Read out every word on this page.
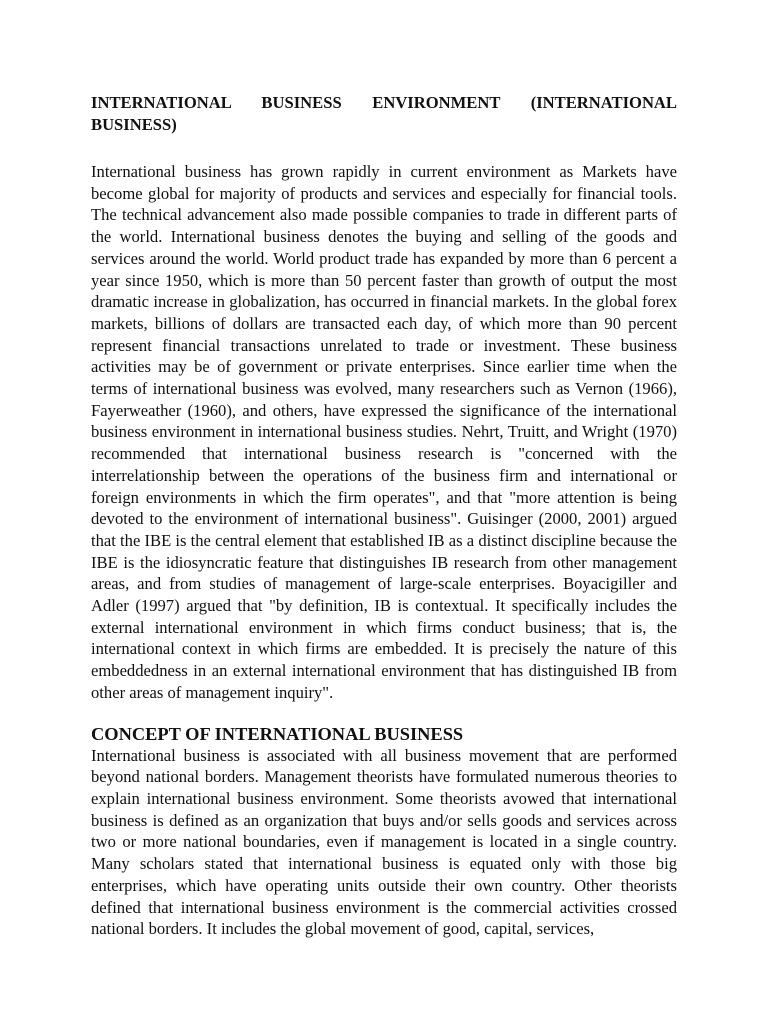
INTERNATIONAL BUSINESS ENVIRONMENT (INTERNATIONAL BUSINESS)

International business has grown rapidly in current environment as Markets have become global for majority of products and services and especially for financial tools. The technical advancement also made possible companies to trade in different parts of the world. International business denotes the buying and selling of the goods and services around the world. World product trade has expanded by more than 6 percent a year since 1950, which is more than 50 percent faster than growth of output the most dramatic increase in globalization, has occurred in financial markets. In the global forex markets, billions of dollars are transacted each day, of which more than 90 percent represent financial transactions unrelated to trade or investment. These business activities may be of government or private enterprises. Since earlier time when the terms of international business was evolved, many researchers such as Vernon (1966), Fayerweather (1960), and others, have expressed the significance of the international business environment in international business studies. Nehrt, Truitt, and Wright (1970) recommended that international business research is "concerned with the interrelationship between the operations of the business firm and international or foreign environments in which the firm operates", and that "more attention is being devoted to the environment of international business". Guisinger (2000, 2001) argued that the IBE is the central element that established IB as a distinct discipline because the IBE is the idiosyncratic feature that distinguishes IB research from other management areas, and from studies of management of large-scale enterprises. Boyacigiller and Adler (1997) argued that "by definition, IB is contextual. It specifically includes the external international environment in which firms conduct business; that is, the international context in which firms are embedded. It is precisely the nature of this embeddedness in an external international environment that has distinguished IB from other areas of management inquiry".

CONCEPT OF INTERNATIONAL BUSINESS

International business is associated with all business movement that are performed beyond national borders. Management theorists have formulated numerous theories to explain international business environment. Some theorists avowed that international business is defined as an organization that buys and/or sells goods and services across two or more national boundaries, even if management is located in a single country. Many scholars stated that international business is equated only with those big enterprises, which have operating units outside their own country. Other theorists defined that international business environment is the commercial activities crossed national borders. It includes the global movement of good, capital, services,
